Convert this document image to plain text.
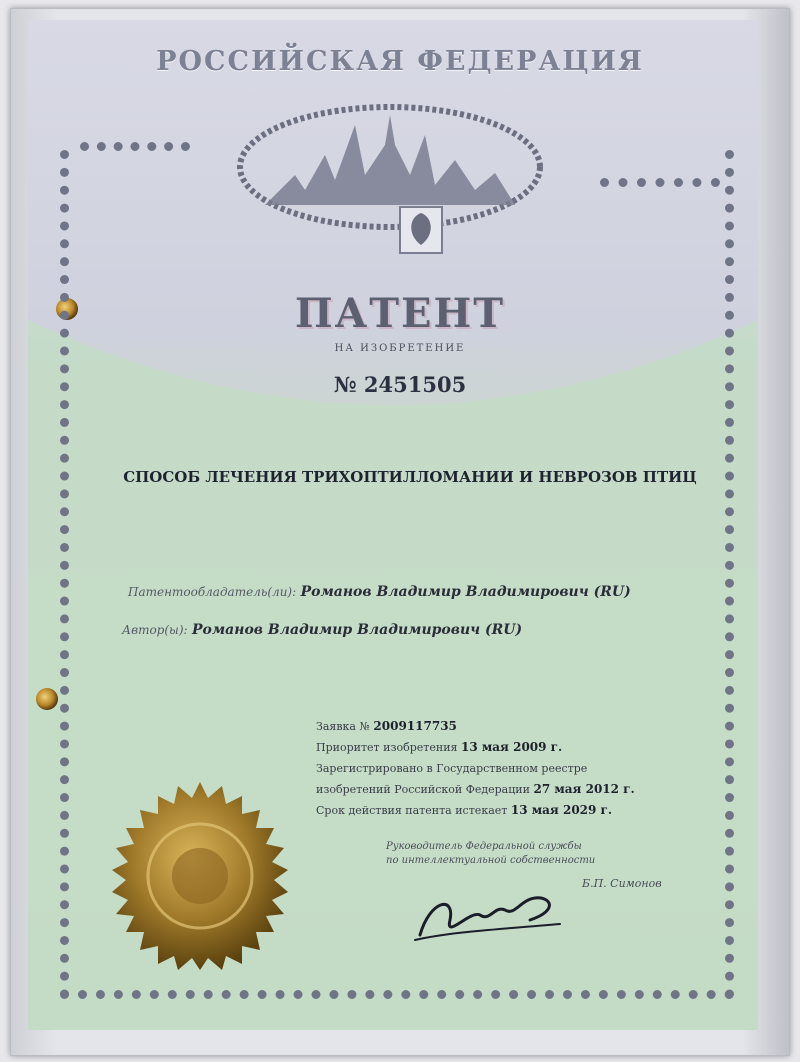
РОССИЙСКАЯ ФЕДЕРАЦИЯ
ПАТЕНТ
НА ИЗОБРЕТЕНИЕ
№ 2451505
СПОСОБ ЛЕЧЕНИЯ ТРИХОПТИЛЛОМАНИИ И НЕВРОЗОВ ПТИЦ
Патентообладатель(ли): Романов Владимир Владимирович (RU)
Автор(ы): Романов Владимир Владимирович (RU)
Заявка № 2009117735
Приоритет изобретения 13 мая 2009 г.
Зарегистрировано в Государственном реестре
изобретений Российской Федерации 27 мая 2012 г.
Срок действия патента истекает 13 мая 2029 г.
Руководитель Федеральной службы
по интеллектуальной собственности
Б.П. Симонов
